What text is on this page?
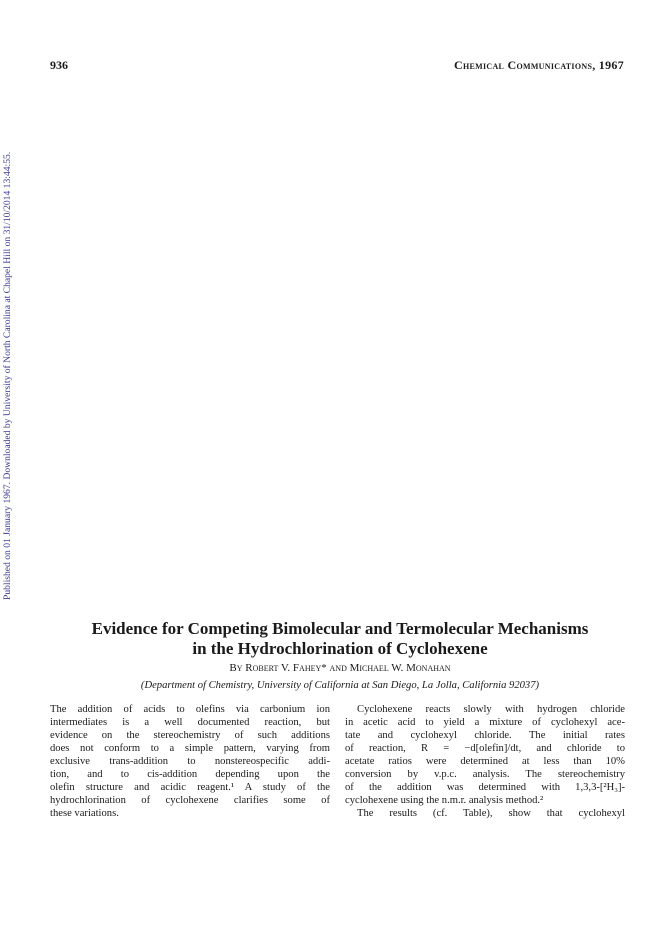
936	Chemical Communications, 1967
Published on 01 January 1967. Downloaded by University of North Carolina at Chapel Hill on 31/10/2014 13:44:55.
Evidence for Competing Bimolecular and Termolecular Mechanisms
in the Hydrochlorination of Cyclohexene
By Robert V. Fahey* and Michael W. Monahan
(Department of Chemistry, University of California at San Diego, La Jolla, California 92037)
The addition of acids to olefins via carbonium ion
intermediates is a well documented reaction, but
evidence on the stereochemistry of such additions
does not conform to a simple pattern, varying from
exclusive trans-addition to nonstereospecific addi-
tion, and to cis-addition depending upon the
olefin structure and acidic reagent.¹ A study of the
hydrochlorination of cyclohexene clarifies some of
these variations.
Cyclohexene reacts slowly with hydrogen chloride
in acetic acid to yield a mixture of cyclohexyl ace-
tate and cyclohexyl chloride. The initial rates
of reaction, R = −d[olefin]/dt, and chloride to
acetate ratios were determined at less than 10%
conversion by v.p.c. analysis. The stereochemistry
of the addition was determined with 1,3,3-[²H₃]-
cyclohexene using the n.m.r. analysis method.²
The results (cf. Table), show that cyclohexyl
